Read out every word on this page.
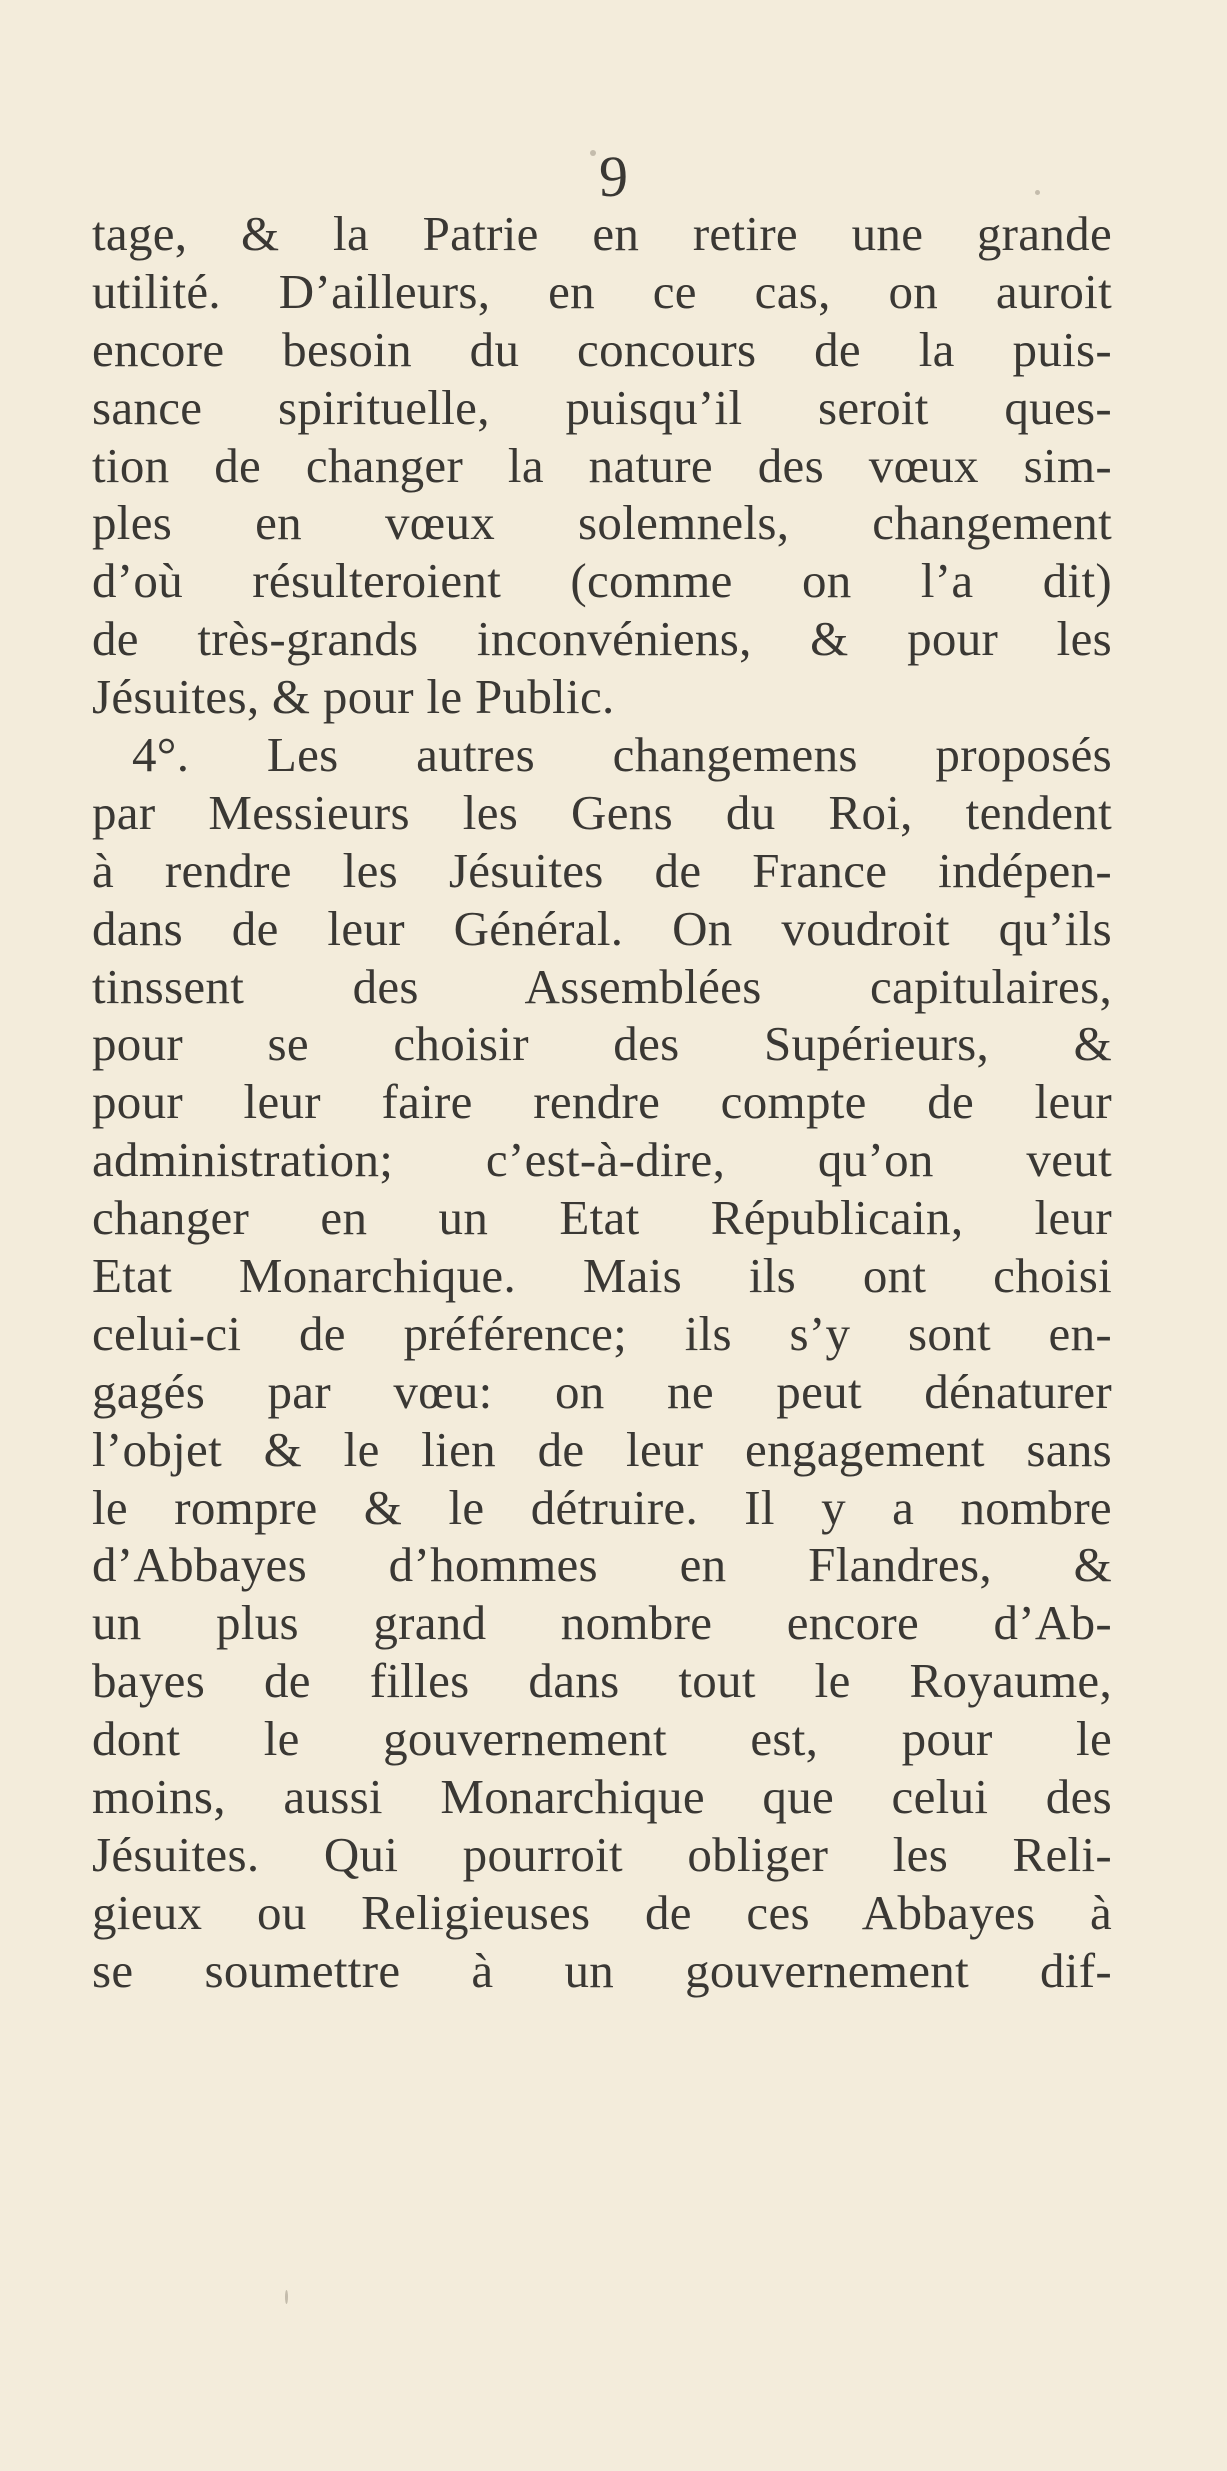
9
tage, & la Patrie en retire une grande
utilité. D’ailleurs, en ce cas, on auroit
encore besoin du concours de la puis-
sance spirituelle, puisqu’il seroit ques-
tion de changer la nature des vœux sim-
ples en vœux solemnels, changement
d’où résulteroient (comme on l’a dit)
de très-grands inconvéniens, & pour les
Jésuites, & pour le Public.
4°. Les autres changemens proposés
par Messieurs les Gens du Roi, tendent
à rendre les Jésuites de France indépen-
dans de leur Général. On voudroit qu’ils
tinssent des Assemblées capitulaires,
pour se choisir des Supérieurs, &
pour leur faire rendre compte de leur
administration; c’est-à-dire, qu’on veut
changer en un Etat Républicain, leur
Etat Monarchique. Mais ils ont choisi
celui-ci de préférence; ils s’y sont en-
gagés par vœu: on ne peut dénaturer
l’objet & le lien de leur engagement sans
le rompre & le détruire. Il y a nombre
d’Abbayes d’hommes en Flandres, &
un plus grand nombre encore d’Ab-
bayes de filles dans tout le Royaume,
dont le gouvernement est, pour le
moins, aussi Monarchique que celui des
Jésuites. Qui pourroit obliger les Reli-
gieux ou Religieuses de ces Abbayes à
se soumettre à un gouvernement dif-
